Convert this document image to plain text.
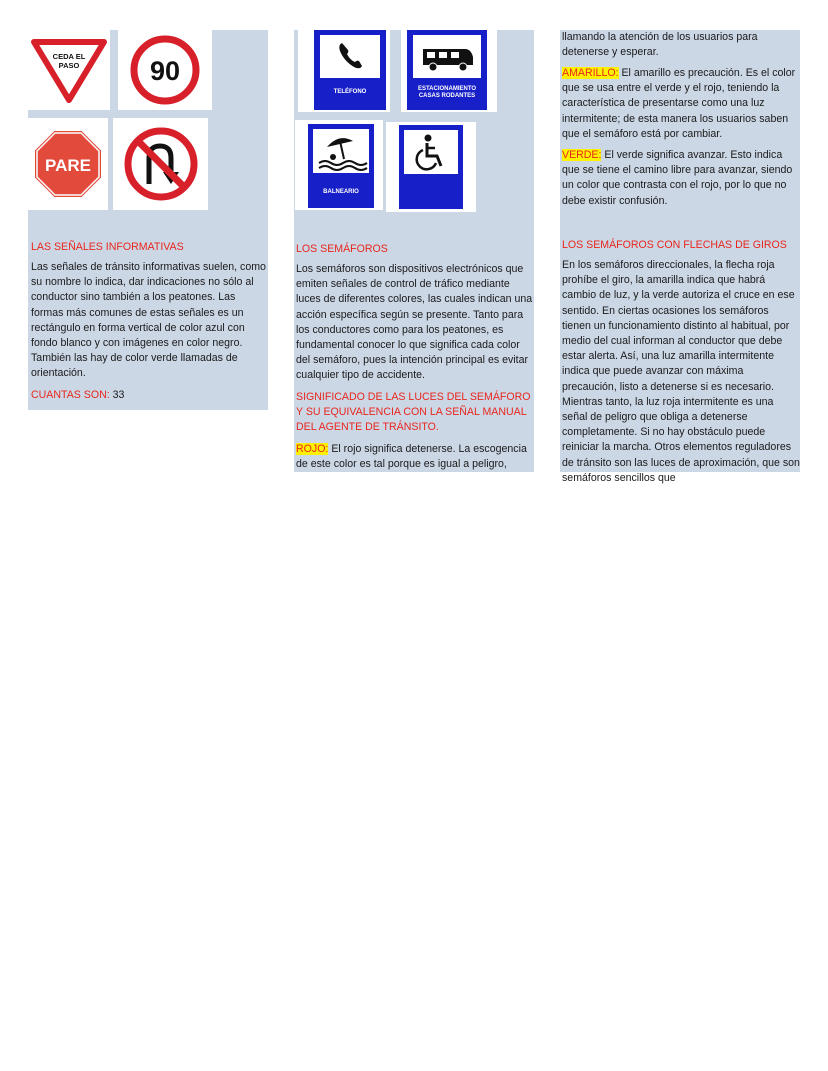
CEDA EL
PASO	90
PARE

LAS SEÑALES INFORMATIVAS

Las señales de tránsito informativas suelen, como su nombre lo indica, dar indicaciones no sólo al conductor sino también a los peatones. Las formas más comunes de estas señales es un rectángulo en forma vertical de color azul con fondo blanco y con imágenes en color negro. También las hay de color verde llamadas de orientación.

CUANTAS SON: 33

TELÉFONO	ESTACIONAMIENTO
CASAS RODANTES
BALNEARIO

LOS SEMÁFOROS

Los semáforos son dispositivos electrónicos que emiten señales de control de tráfico mediante luces de diferentes colores, las cuales indican una acción específica según se presente. Tanto para los conductores como para los peatones, es fundamental conocer lo que significa cada color del semáforo, pues la intención principal es evitar cualquier tipo de accidente.

SIGNIFICADO DE LAS LUCES DEL SEMÁFORO Y SU EQUIVALENCIA CON LA SEÑAL MANUAL DEL AGENTE DE TRÁNSITO.

ROJO: El rojo significa detenerse. La escogencia de este color es tal porque es igual a peligro,

llamando la atención de los usuarios para detenerse y esperar.

AMARILLO: El amarillo es precaución. Es el color que se usa entre el verde y el rojo, teniendo la característica de presentarse como una luz intermitente; de esta manera los usuarios saben que el semáforo está por cambiar.

VERDE: El verde significa avanzar. Esto indica que se tiene el camino libre para avanzar, siendo un color que contrasta con el rojo, por lo que no debe existir confusión.

LOS SEMÁFOROS CON FLECHAS DE GIROS

En los semáforos direccionales, la flecha roja prohíbe el giro, la amarilla indica que habrá cambio de luz, y la verde autoriza el cruce en ese sentido. En ciertas ocasiones los semáforos tienen un funcionamiento distinto al habitual, por medio del cual informan al conductor que debe estar alerta. Así, una luz amarilla intermitente indica que puede avanzar con máxima precaución, listo a detenerse si es necesario. Mientras tanto, la luz roja intermitente es una señal de peligro que obliga a detenerse completamente. Si no hay obstáculo puede reiniciar la marcha. Otros elementos reguladores de tránsito son las luces de aproximación, que son semáforos sencillos que
